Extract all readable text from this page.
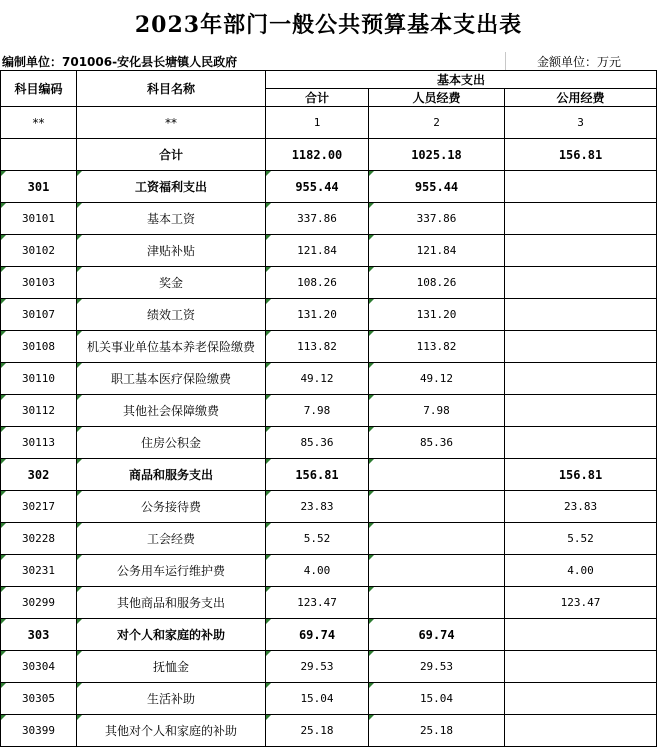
2023年部门一般公共预算基本支出表
编制单位：701006-安化县长塘镇人民政府	金额单位：万元
科目编码	科目名称	基本支出		
		合计	人员经费	公用经费
**	**	1	2	3
	合计	1182.00	1025.18	156.81
301	工资福利支出	955.44	955.44	
30101	基本工资	337.86	337.86	
30102	津贴补贴	121.84	121.84	
30103	奖金	108.26	108.26	
30107	绩效工资	131.20	131.20	
30108	机关事业单位基本养老保险缴费	113.82	113.82	
30110	职工基本医疗保险缴费	49.12	49.12	
30112	其他社会保障缴费	7.98	7.98	
30113	住房公积金	85.36	85.36	
302	商品和服务支出	156.81		156.81
30217	公务接待费	23.83		23.83
30228	工会经费	5.52		5.52
30231	公务用车运行维护费	4.00		4.00
30299	其他商品和服务支出	123.47		123.47
303	对个人和家庭的补助	69.74	69.74	
30304	抚恤金	29.53	29.53	
30305	生活补助	15.04	15.04	
30399	其他对个人和家庭的补助	25.18	25.18	
